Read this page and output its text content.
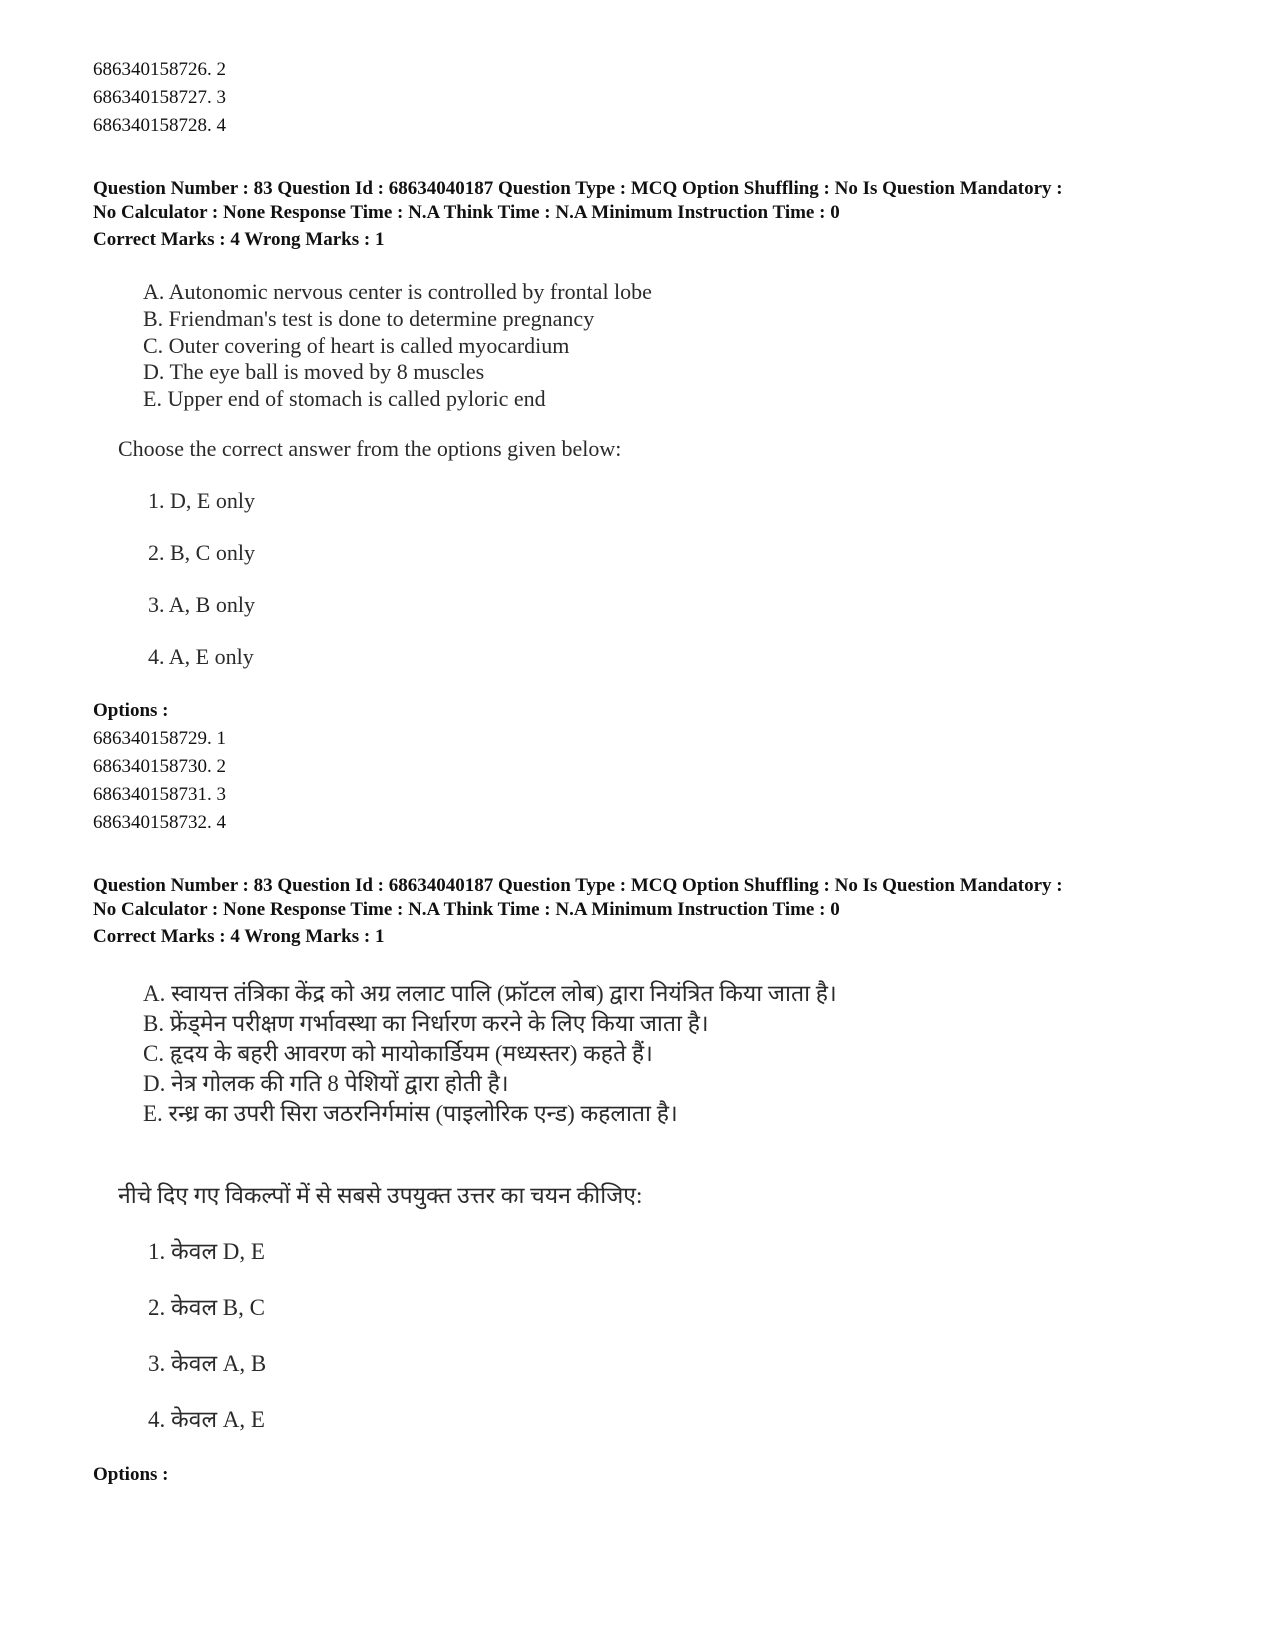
686340158726. 2
686340158727. 3
686340158728. 4
Question Number : 83 Question Id : 68634040187 Question Type : MCQ Option Shuffling : No Is Question Mandatory :
No Calculator : None Response Time : N.A Think Time : N.A Minimum Instruction Time : 0
Correct Marks : 4 Wrong Marks : 1
A. Autonomic nervous center is controlled by frontal lobe
B. Friendman's test is done to determine pregnancy
C. Outer covering of heart is called myocardium
D. The eye ball is moved by 8 muscles
E. Upper end of stomach is called pyloric end
Choose the correct answer from the options given below:
1. D, E only
2. B, C only
3. A, B only
4. A, E only
Options :
686340158729. 1
686340158730. 2
686340158731. 3
686340158732. 4
Question Number : 83 Question Id : 68634040187 Question Type : MCQ Option Shuffling : No Is Question Mandatory :
No Calculator : None Response Time : N.A Think Time : N.A Minimum Instruction Time : 0
Correct Marks : 4 Wrong Marks : 1
A. स्वायत्त तंत्रिका केंद्र को अग्र ललाट पालि (फ्रॉटल लोब) द्वारा नियंत्रित किया जाता है।
B. फ्रेंड्मेन परीक्षण गर्भावस्था का निर्धारण करने के लिए किया जाता है।
C. हृदय के बहरी आवरण को मायोकार्डियम (मध्यस्तर) कहते हैं।
D. नेत्र गोलक की गति 8 पेशियों द्वारा होती है।
E. रन्ध्र का उपरी सिरा जठरनिर्गमांस (पाइलोरिक एन्ड) कहलाता है।
नीचे दिए गए विकल्पों में से सबसे उपयुक्त उत्तर का चयन कीजिए:
1. केवल D, E
2. केवल B, C
3. केवल A, B
4. केवल A, E
Options :
